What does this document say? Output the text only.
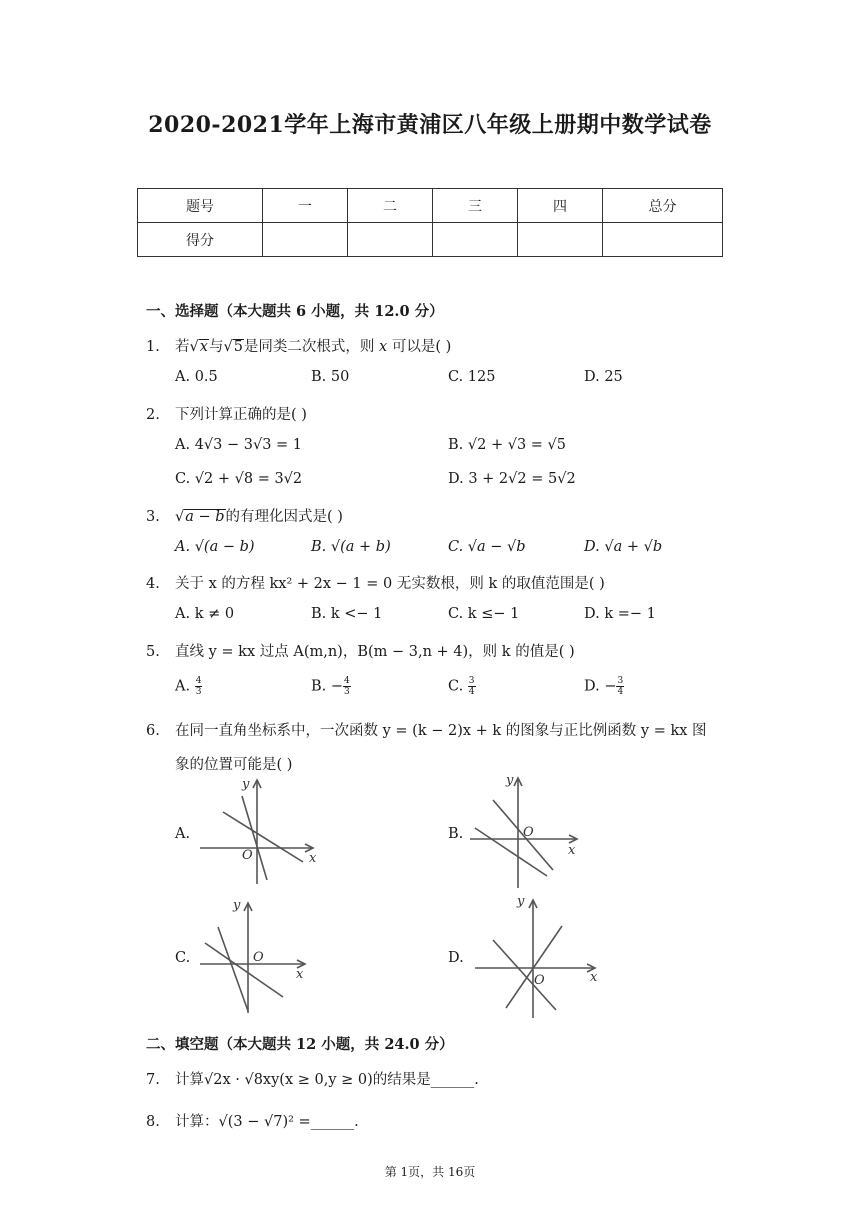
2020-2021学年上海市黄浦区八年级上册期中数学试卷
题号	一	二	三	四	总分
得分					
一、选择题（本大题共 6 小题，共 12.0 分）
1. 若√x与√5是同类二次根式，则 x 可以是( )
A. 0.5	B. 50	C. 125	D. 25
2. 下列计算正确的是( )
A. 4√3 − 3√3 = 1	B. √2 + √3 = √5
C. √2 + √8 = 3√2	D. 3 + 2√2 = 5√2
3. √a − b的有理化因式是( )
A. √(a − b)	B. √(a + b)	C. √a − √b	D. √a + √b
4. 关于 x 的方程 kx² + 2x − 1 = 0 无实数根，则 k 的取值范围是( )
A. k ≠ 0	B. k <− 1	C. k ≤− 1	D. k =− 1
5. 直线 y = kx 过点 A(m,n)，B(m − 3,n + 4)，则 k 的值是( )
A. $\frac{4}{3}$	B. − $\frac{4}{3}$	C. $\frac{3}{4}$	D. − $\frac{3}{4}$
6. 在同一直角坐标系中，一次函数 y = (k − 2)x + k 的图象与正比例函数 y = kx 图
象的位置可能是( )
A.	B.
C.	D.
y
x
O
y
x
O
y
x
O
y
x
O
二、填空题（本大题共 12 小题，共 24.0 分）
7. 计算√2x · √8xy(x ≥ 0,y ≥ 0)的结果是______.
8. 计算：√(3 − √7)² =______.
第 1页，共 16页
